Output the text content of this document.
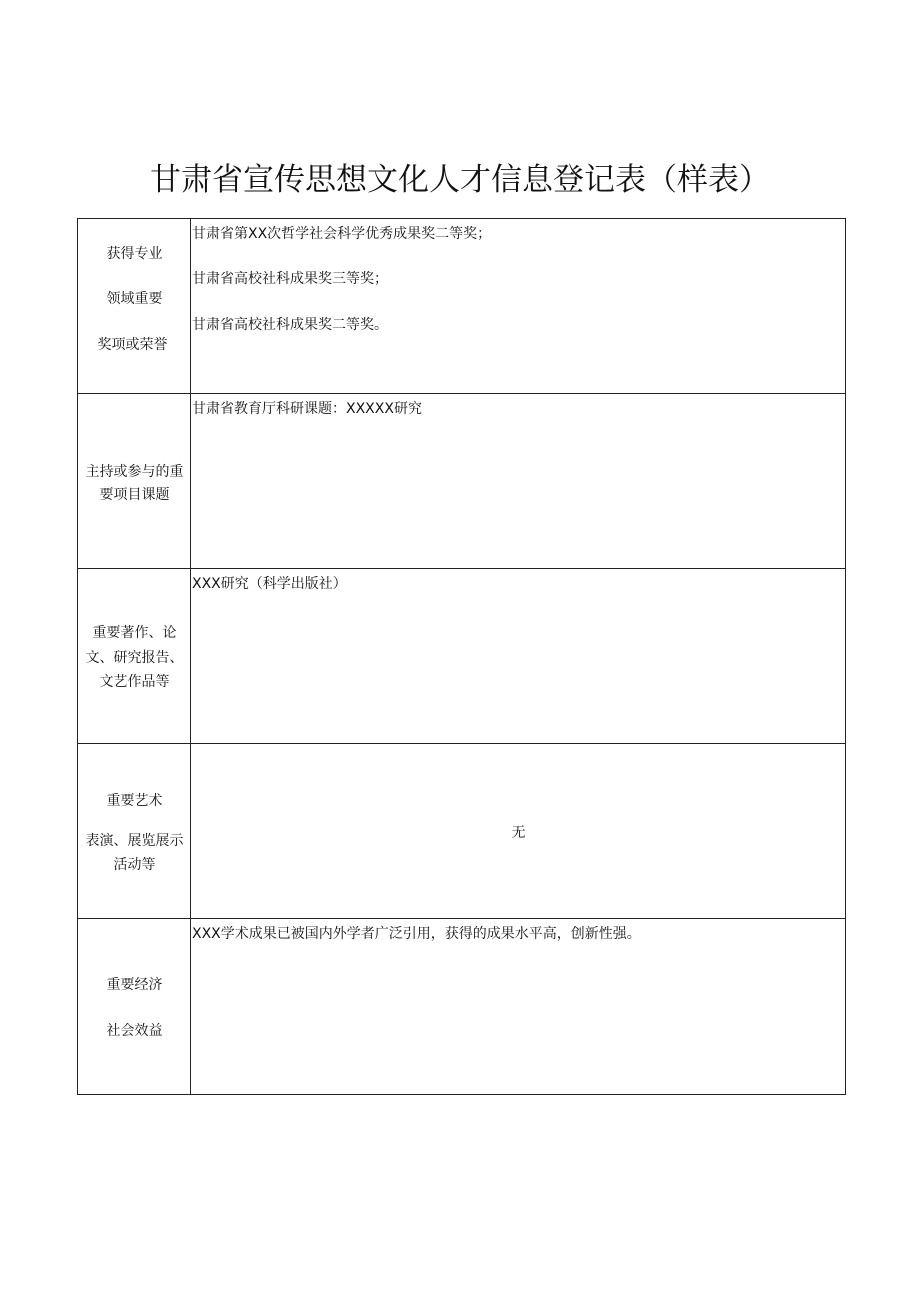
甘肃省宣传思想文化人才信息登记表（样表）
获得专业
领域重要
奖项或荣誉	甘肃省第XX次哲学社会科学优秀成果奖二等奖；
甘肃省高校社科成果奖三等奖；
甘肃省高校社科成果奖二等奖。

主持或参与的重
要项目课题	甘肃省教育厅科研课题：XXXXX研究

重要著作、论
文、研究报告、
文艺作品等	XXX研究（科学出版社）

重要艺术
表演、展览展示
活动等	无

重要经济
社会效益	XXX学术成果已被国内外学者广泛引用，获得的成果水平高，创新性强。
